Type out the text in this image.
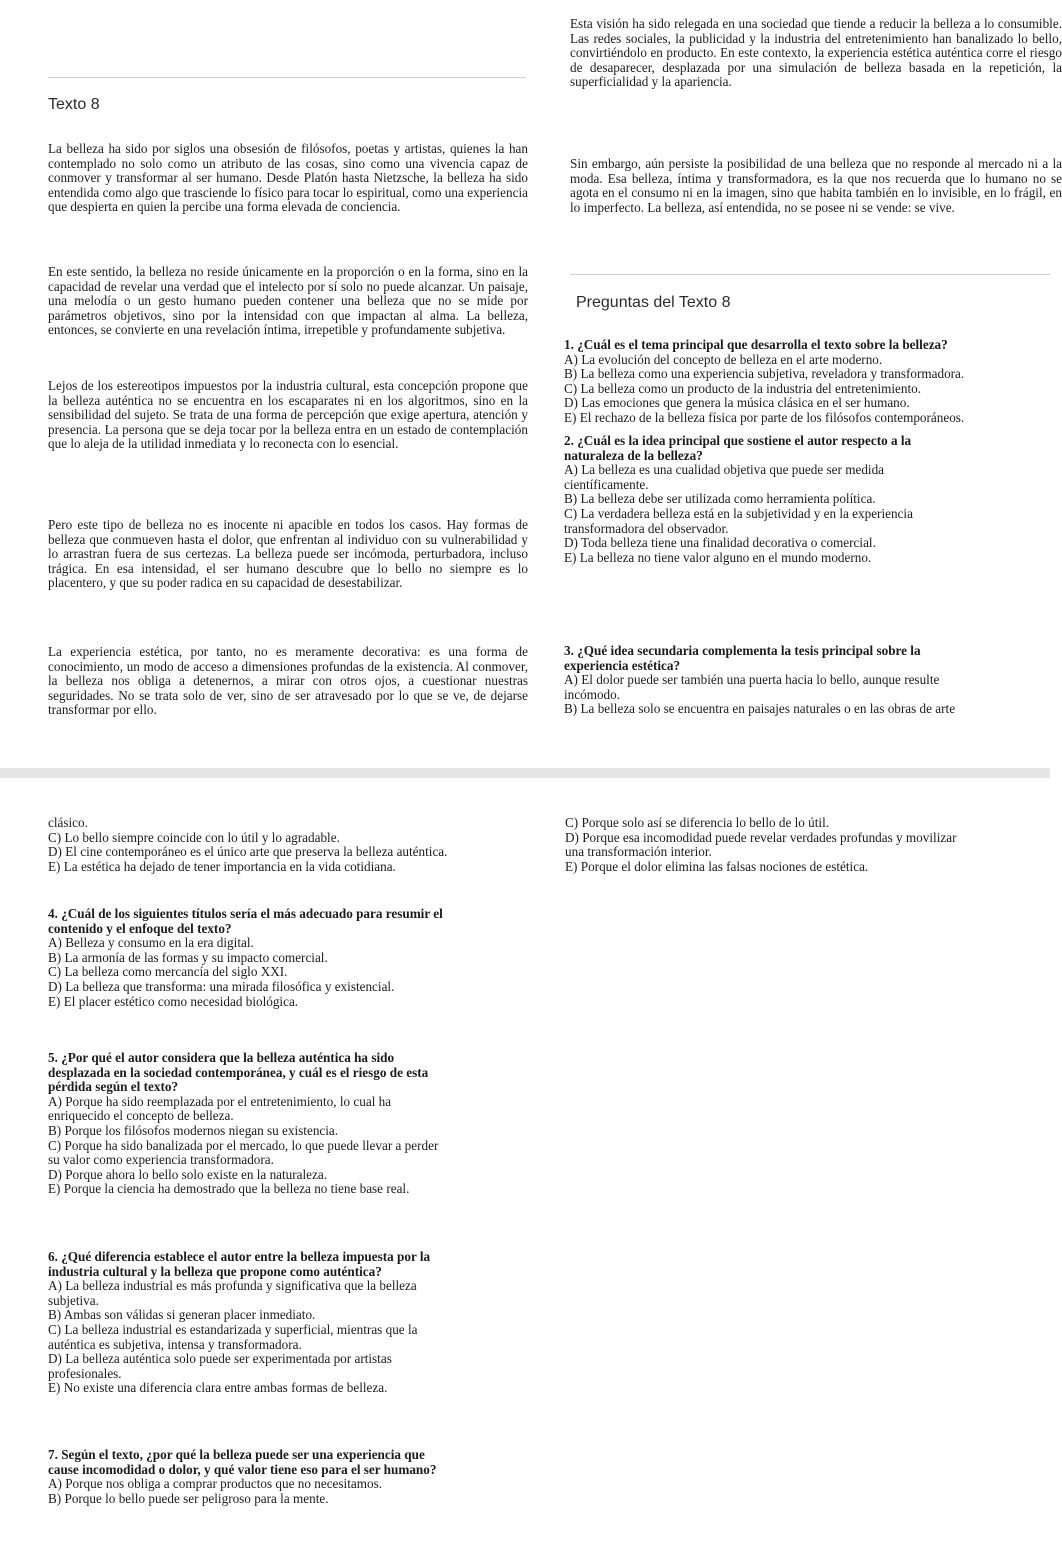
Texto 8
La belleza ha sido por siglos una obsesión de filósofos, poetas y artistas, quienes la han contemplado no solo como un atributo de las cosas, sino como una vivencia capaz de conmover y transformar al ser humano. Desde Platón hasta Nietzsche, la belleza ha sido entendida como algo que trasciende lo físico para tocar lo espiritual, como una experiencia que despierta en quien la percibe una forma elevada de conciencia.
En este sentido, la belleza no reside únicamente en la proporción o en la forma, sino en la capacidad de revelar una verdad que el intelecto por sí solo no puede alcanzar. Un paisaje, una melodía o un gesto humano pueden contener una belleza que no se mide por parámetros objetivos, sino por la intensidad con que impactan al alma. La belleza, entonces, se convierte en una revelación íntima, irrepetible y profundamente subjetiva.
Lejos de los estereotipos impuestos por la industria cultural, esta concepción propone que la belleza auténtica no se encuentra en los escaparates ni en los algoritmos, sino en la sensibilidad del sujeto. Se trata de una forma de percepción que exige apertura, atención y presencia. La persona que se deja tocar por la belleza entra en un estado de contemplación que lo aleja de la utilidad inmediata y lo reconecta con lo esencial.
Pero este tipo de belleza no es inocente ni apacible en todos los casos. Hay formas de belleza que conmueven hasta el dolor, que enfrentan al individuo con su vulnerabilidad y lo arrastran fuera de sus certezas. La belleza puede ser incómoda, perturbadora, incluso trágica. En esa intensidad, el ser humano descubre que lo bello no siempre es lo placentero, y que su poder radica en su capacidad de desestabilizar.
La experiencia estética, por tanto, no es meramente decorativa: es una forma de conocimiento, un modo de acceso a dimensiones profundas de la existencia. Al conmover, la belleza nos obliga a detenernos, a mirar con otros ojos, a cuestionar nuestras seguridades. No se trata solo de ver, sino de ser atravesado por lo que se ve, de dejarse transformar por ello.
Esta visión ha sido relegada en una sociedad que tiende a reducir la belleza a lo consumible. Las redes sociales, la publicidad y la industria del entretenimiento han banalizado lo bello, convirtiéndolo en producto. En este contexto, la experiencia estética auténtica corre el riesgo de desaparecer, desplazada por una simulación de belleza basada en la repetición, la superficialidad y la apariencia.
Sin embargo, aún persiste la posibilidad de una belleza que no responde al mercado ni a la moda. Esa belleza, íntima y transformadora, es la que nos recuerda que lo humano no se agota en el consumo ni en la imagen, sino que habita también en lo invisible, en lo frágil, en lo imperfecto. La belleza, así entendida, no se posee ni se vende: se vive.
Preguntas del Texto 8
1. ¿Cuál es el tema principal que desarrolla el texto sobre la belleza?
A) La evolución del concepto de belleza en el arte moderno.
B) La belleza como una experiencia subjetiva, reveladora y transformadora.
C) La belleza como un producto de la industria del entretenimiento.
D) Las emociones que genera la música clásica en el ser humano.
E) El rechazo de la belleza física por parte de los filósofos contemporáneos.
2. ¿Cuál es la idea principal que sostiene el autor respecto a la
naturaleza de la belleza?
A) La belleza es una cualidad objetiva que puede ser medida
científicamente.
B) La belleza debe ser utilizada como herramienta política.
C) La verdadera belleza está en la subjetividad y en la experiencia
transformadora del observador.
D) Toda belleza tiene una finalidad decorativa o comercial.
E) La belleza no tiene valor alguno en el mundo moderno.
3. ¿Qué idea secundaria complementa la tesis principal sobre la
experiencia estética?
A) El dolor puede ser también una puerta hacia lo bello, aunque resulte
incómodo.
B) La belleza solo se encuentra en paisajes naturales o en las obras de arte
clásico.
C) Lo bello siempre coincide con lo útil y lo agradable.
D) El cine contemporáneo es el único arte que preserva la belleza auténtica.
E) La estética ha dejado de tener importancia en la vida cotidiana.
4. ¿Cuál de los siguientes títulos sería el más adecuado para resumir el
contenido y el enfoque del texto?
A) Belleza y consumo en la era digital.
B) La armonía de las formas y su impacto comercial.
C) La belleza como mercancía del siglo XXI.
D) La belleza que transforma: una mirada filosófica y existencial.
E) El placer estético como necesidad biológica.
5. ¿Por qué el autor considera que la belleza auténtica ha sido
desplazada en la sociedad contemporánea, y cuál es el riesgo de esta
pérdida según el texto?
A) Porque ha sido reemplazada por el entretenimiento, lo cual ha
enriquecido el concepto de belleza.
B) Porque los filósofos modernos niegan su existencia.
C) Porque ha sido banalizada por el mercado, lo que puede llevar a perder
su valor como experiencia transformadora.
D) Porque ahora lo bello solo existe en la naturaleza.
E) Porque la ciencia ha demostrado que la belleza no tiene base real.
6. ¿Qué diferencia establece el autor entre la belleza impuesta por la
industria cultural y la belleza que propone como auténtica?
A) La belleza industrial es más profunda y significativa que la belleza
subjetiva.
B) Ambas son válidas si generan placer inmediato.
C) La belleza industrial es estandarizada y superficial, mientras que la
auténtica es subjetiva, intensa y transformadora.
D) La belleza auténtica solo puede ser experimentada por artistas
profesionales.
E) No existe una diferencia clara entre ambas formas de belleza.
7. Según el texto, ¿por qué la belleza puede ser una experiencia que
cause incomodidad o dolor, y qué valor tiene eso para el ser humano?
A) Porque nos obliga a comprar productos que no necesitamos.
B) Porque lo bello puede ser peligroso para la mente.
C) Porque solo así se diferencia lo bello de lo útil.
D) Porque esa incomodidad puede revelar verdades profundas y movilizar
una transformación interior.
E) Porque el dolor elimina las falsas nociones de estética.
